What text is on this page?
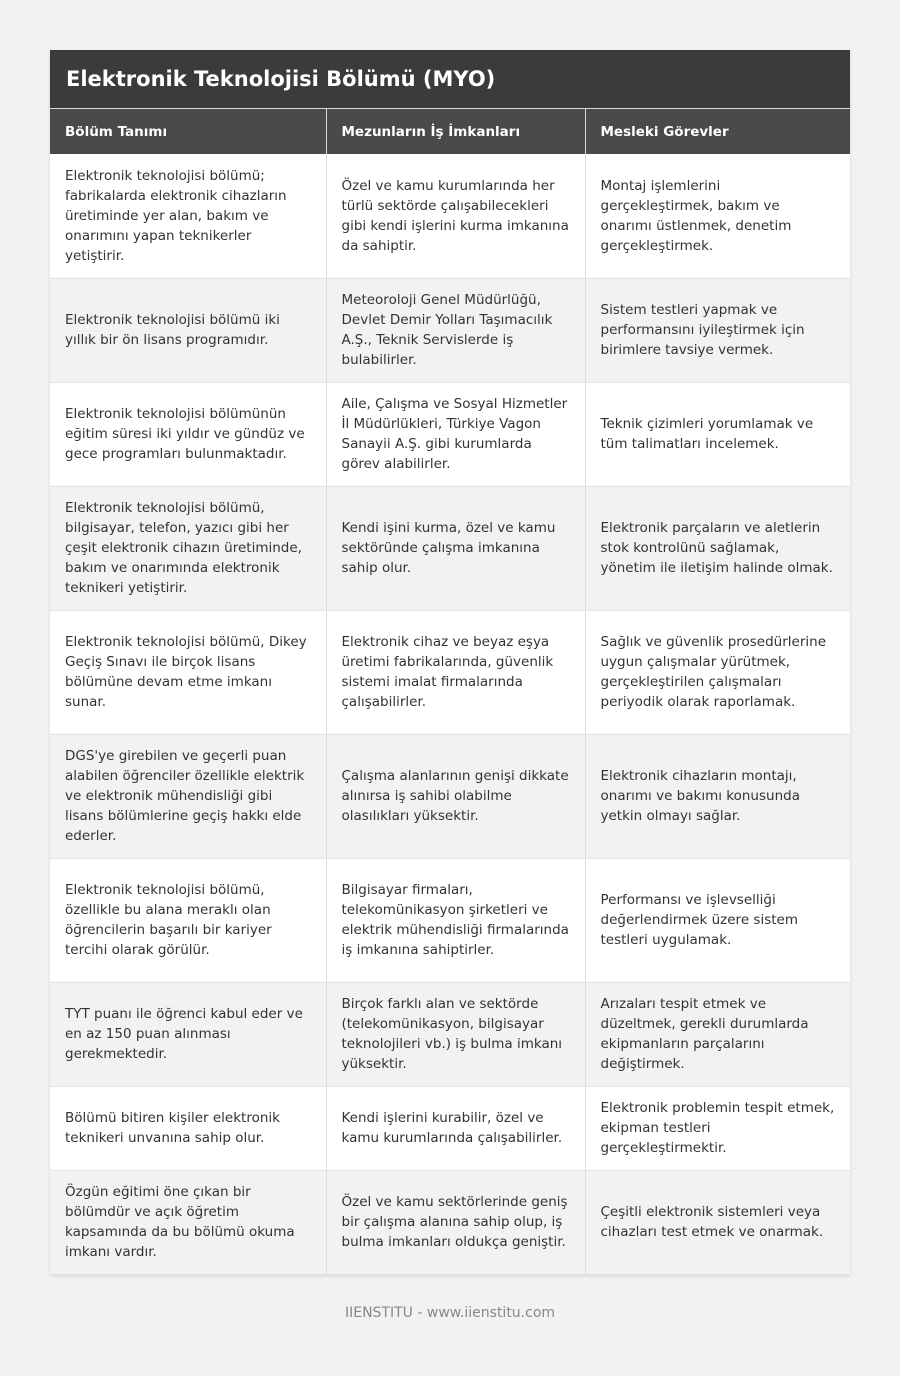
Elektronik Teknolojisi Bölümü (MYO)
Bölüm Tanımı	Mezunların İş İmkanları	Mesleki Görevler
Elektronik teknolojisi bölümü; fabrikalarda elektronik cihazların üretiminde yer alan, bakım ve onarımını yapan teknikerler yetiştirir.	Özel ve kamu kurumlarında her türlü sektörde çalışabilecekleri gibi kendi işlerini kurma imkanına da sahiptir.	Montaj işlemlerini gerçekleştirmek, bakım ve onarımı üstlenmek, denetim gerçekleştirmek.
Elektronik teknolojisi bölümü iki yıllık bir ön lisans programıdır.	Meteoroloji Genel Müdürlüğü, Devlet Demir Yolları Taşımacılık A.Ş., Teknik Servislerde iş bulabilirler.	Sistem testleri yapmak ve performansını iyileştirmek için birimlere tavsiye vermek.
Elektronik teknolojisi bölümünün eğitim süresi iki yıldır ve gündüz ve gece programları bulunmaktadır.	Aile, Çalışma ve Sosyal Hizmetler İl Müdürlükleri, Türkiye Vagon Sanayii A.Ş. gibi kurumlarda görev alabilirler.	Teknik çizimleri yorumlamak ve tüm talimatları incelemek.
Elektronik teknolojisi bölümü, bilgisayar, telefon, yazıcı gibi her çeşit elektronik cihazın üretiminde, bakım ve onarımında elektronik teknikeri yetiştirir.	Kendi işini kurma, özel ve kamu sektöründe çalışma imkanına sahip olur.	Elektronik parçaların ve aletlerin stok kontrolünü sağlamak, yönetim ile iletişim halinde olmak.
Elektronik teknolojisi bölümü, Dikey Geçiş Sınavı ile birçok lisans bölümüne devam etme imkanı sunar.	Elektronik cihaz ve beyaz eşya üretimi fabrikalarında, güvenlik sistemi imalat firmalarında çalışabilirler.	Sağlık ve güvenlik prosedürlerine uygun çalışmalar yürütmek, gerçekleştirilen çalışmaları periyodik olarak raporlamak.
DGS'ye girebilen ve geçerli puan alabilen öğrenciler özellikle elektrik ve elektronik mühendisliği gibi lisans bölümlerine geçiş hakkı elde ederler.	Çalışma alanlarının genişi dikkate alınırsa iş sahibi olabilme olasılıkları yüksektir.	Elektronik cihazların montajı, onarımı ve bakımı konusunda yetkin olmayı sağlar.
Elektronik teknolojisi bölümü, özellikle bu alana meraklı olan öğrencilerin başarılı bir kariyer tercihi olarak görülür.	Bilgisayar firmaları, telekomünikasyon şirketleri ve elektrik mühendisliği firmalarında iş imkanına sahiptirler.	Performansı ve işlevselliği değerlendirmek üzere sistem testleri uygulamak.
TYT puanı ile öğrenci kabul eder ve en az 150 puan alınması gerekmektedir.	Birçok farklı alan ve sektörde (telekomünikasyon, bilgisayar teknolojileri vb.) iş bulma imkanı yüksektir.	Arızaları tespit etmek ve düzeltmek, gerekli durumlarda ekipmanların parçalarını değiştirmek.
Bölümü bitiren kişiler elektronik teknikeri unvanına sahip olur.	Kendi işlerini kurabilir, özel ve kamu kurumlarında çalışabilirler.	Elektronik problemin tespit etmek, ekipman testleri gerçekleştirmektir.
Özgün eğitimi öne çıkan bir bölümdür ve açık öğretim kapsamında da bu bölümü okuma imkanı vardır.	Özel ve kamu sektörlerinde geniş bir çalışma alanına sahip olup, iş bulma imkanları oldukça geniştir.	Çeşitli elektronik sistemleri veya cihazları test etmek ve onarmak.
IIENSTITU - www.iienstitu.com
